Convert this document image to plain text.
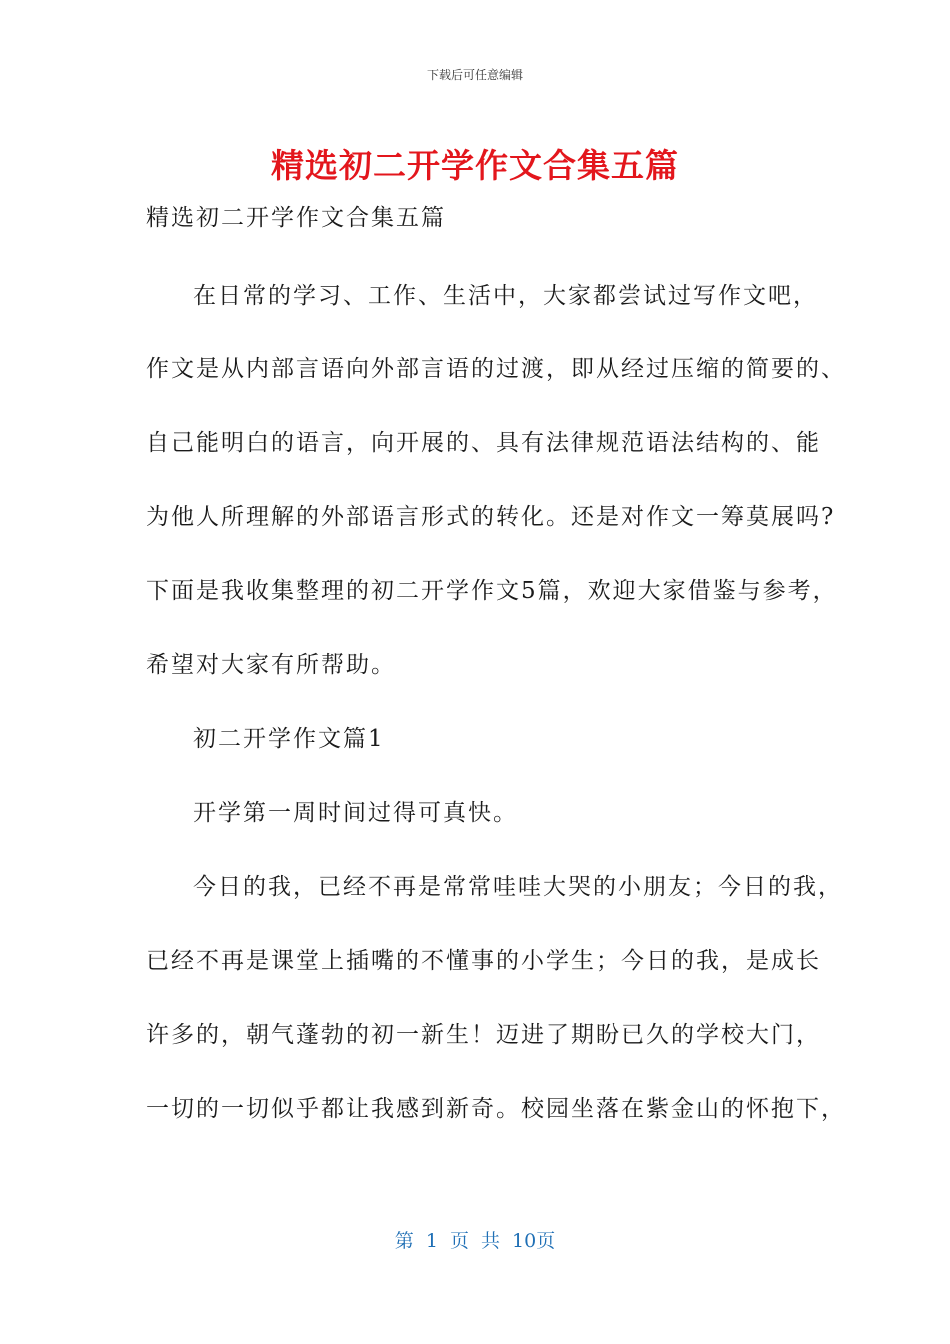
下载后可任意编辑
精选初二开学作文合集五篇
精选初二开学作文合集五篇
在日常的学习、工作、生活中，大家都尝试过写作文吧，
作文是从内部言语向外部言语的过渡，即从经过压缩的简要的、
自己能明白的语言，向开展的、具有法律规范语法结构的、能
为他人所理解的外部语言形式的转化。还是对作文一筹莫展吗?
下面是我收集整理的初二开学作文5篇，欢迎大家借鉴与参考，
希望对大家有所帮助。
初二开学作文篇1
开学第一周时间过得可真快。
今日的我，已经不再是常常哇哇大哭的小朋友；今日的我，
已经不再是课堂上插嘴的不懂事的小学生；今日的我，是成长
许多的，朝气蓬勃的初一新生！迈进了期盼已久的学校大门，
一切的一切似乎都让我感到新奇。校园坐落在紫金山的怀抱下，
第 1 页 共 10页
